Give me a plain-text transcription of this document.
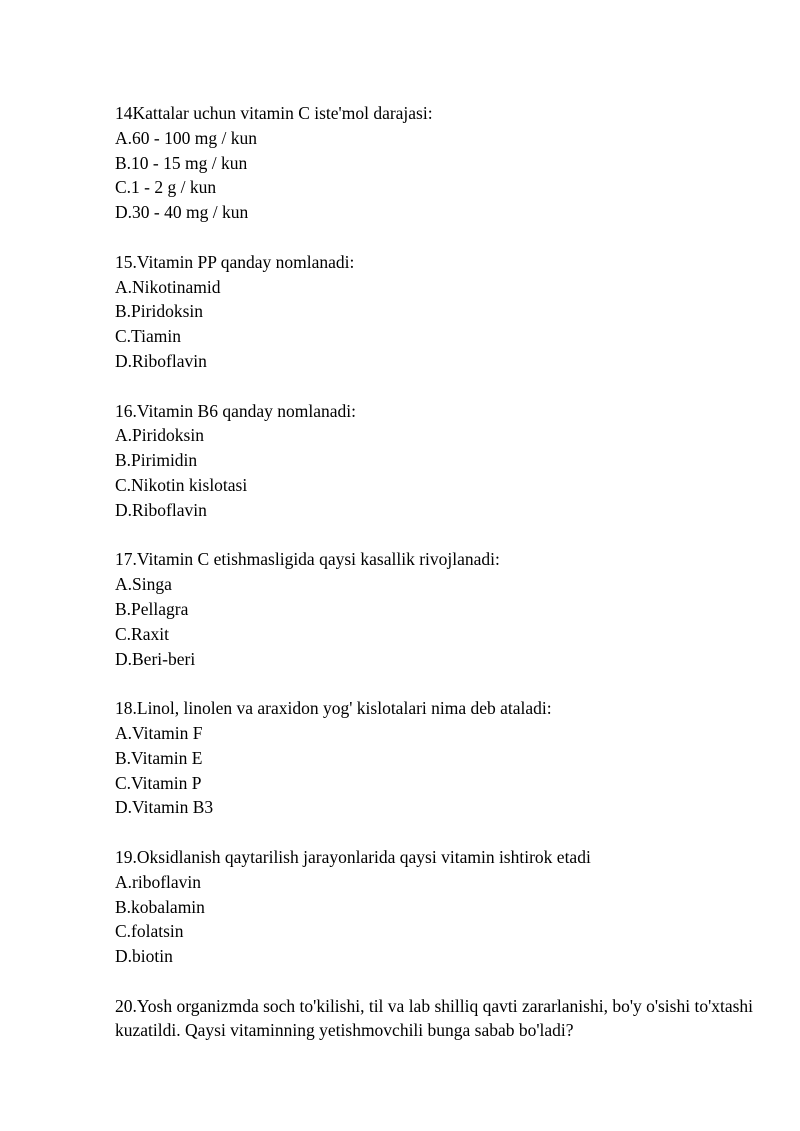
14Kattalar uchun vitamin C iste'mol darajasi:
A.60 - 100 mg / kun
B.10 - 15 mg / kun
C.1 - 2 g / kun
D.30 - 40 mg / kun
15.Vitamin PP qanday nomlanadi:
A.Nikotinamid
B.Piridoksin
C.Tiamin
D.Riboflavin
16.Vitamin B6 qanday nomlanadi:
A.Piridoksin
B.Pirimidin
C.Nikotin kislotasi
D.Riboflavin
17.Vitamin C etishmasligida qaysi kasallik rivojlanadi:
A.Singa
B.Pellagra
C.Raxit
D.Beri-beri
18.Linol, linolen va araxidon yog' kislotalari nima deb ataladi:
A.Vitamin F
B.Vitamin E
C.Vitamin P
D.Vitamin B3
19.Oksidlanish qaytarilish jarayonlarida qaysi vitamin ishtirok etadi
A.riboflavin
B.kobalamin
C.folatsin
D.biotin
20.Yosh organizmda soch to'kilishi, til va lab shilliq qavti zararlanishi, bo'y o'sishi to'xtashi kuzatildi. Qaysi vitaminning yetishmovchili bunga sabab bo'ladi?
